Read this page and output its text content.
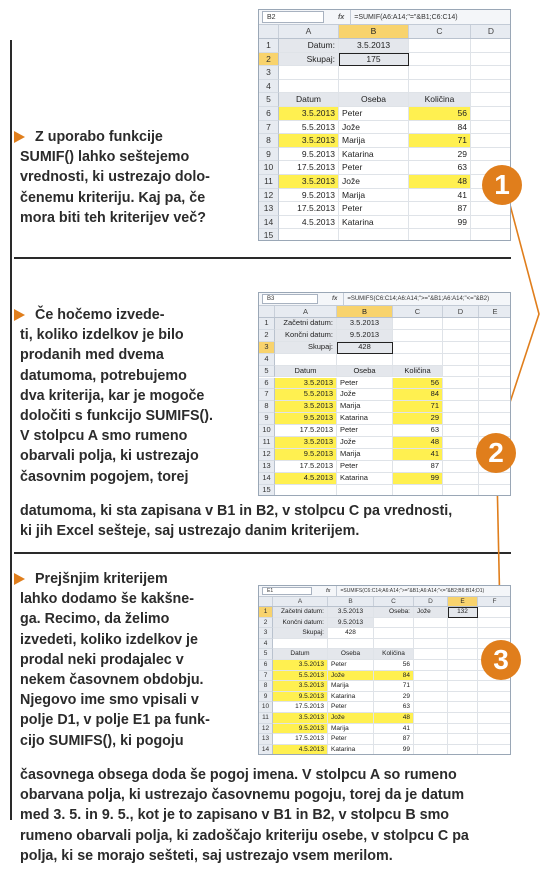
Z uporabo funkcije
SUMIF() lahko seštejemo
vrednosti, ki ustrezajo dolo-
čenemu kriteriju. Kaj pa, če
mora biti teh kriterijev več?
B2	fx	=SUMIF(A6:A14;"="&B1;C6:C14)
A	B	C	D
1	Datum:	3.5.2013
2	Skupaj:	175
3
4
5	Datum	Oseba	Količina
6	3.5.2013 Peter	56
7	5.5.2013 Jože	84
8	3.5.2013 Marija	71
9	9.5.2013 Katarina	29
10	17.5.2013 Peter	63
11	3.5.2013 Jože	48
12	9.5.2013 Marija	41
13	17.5.2013 Peter	87
14	4.5.2013 Katarina	99
15
1
Če hočemo izvede-
ti, koliko izdelkov je bilo
prodanih med dvema
datumoma, potrebujemo
dva kriterija, kar je mogoče
določiti s funkcijo SUMIFS().
V stolpcu A smo rumeno
obarvali polja, ki ustrezajo
časovnim pogojem, torej
datumoma, ki sta zapisana v B1 in B2, v stolpcu C pa vrednosti,
ki jih Excel sešteje, saj ustrezajo danim kriterijem.
B3	fx	=SUMIFS(C6:C14;A6:A14;">="&B1;A6:A14;"<="&B2)
A	B	C	D	E
1	Začetni datum:	3.5.2013
2	Končni datum:	9.5.2013
3	Skupaj:	428
4
5	Datum	Oseba	Količina
6	3.5.2013 Peter	56
7	5.5.2013 Jože	84
8	3.5.2013 Marija	71
9	9.5.2013 Katarina	29
10	17.5.2013 Peter	63
11	3.5.2013 Jože	48
12	9.5.2013 Marija	41
13	17.5.2013 Peter	87
14	4.5.2013 Katarina	99
15
2
Prejšnjim kriterijem
lahko dodamo še kakšne-
ga. Recimo, da želimo
izvedeti, koliko izdelkov je
prodal neki prodajalec v
nekem časovnem obdobju.
Njegovo ime smo vpisali v
polje D1, v polje E1 pa funk-
cijo SUMIFS(), ki pogoju
časovnega obsega doda še pogoj imena. V stolpcu A so rumeno
obarvana polja, ki ustrezajo časovnemu pogoju, torej da je datum
med 3. 5. in 9. 5., kot je to zapisano v B1 in B2, v stolpcu B smo
rumeno obarvali polja, ki zadoščajo kriteriju osebe, v stolpcu C pa
polja, ki se morajo sešteti, saj ustrezajo vsem merilom.
E1	fx	=SUMIFS(C6:C14;A6:A14;">="&B1;A6:A14;"<="&B2;B6:B14;D1)
A	B	C	D	E	F
1	Začetni datum:	3.5.2013	Oseba:	Jože	132
2	Končni datum:	9.5.2013
3	Skupaj:	428
4
5	Datum	Oseba	Količina
6	3.5.2013	Peter	56
7	5.5.2013	Jože	84
8	3.5.2013	Marija	71
9	9.5.2013	Katarina	29
10	17.5.2013	Peter	63
11	3.5.2013	Jože	48
12	9.5.2013	Marija	41
13	17.5.2013	Peter	87
14	4.5.2013	Katarina	99
3
